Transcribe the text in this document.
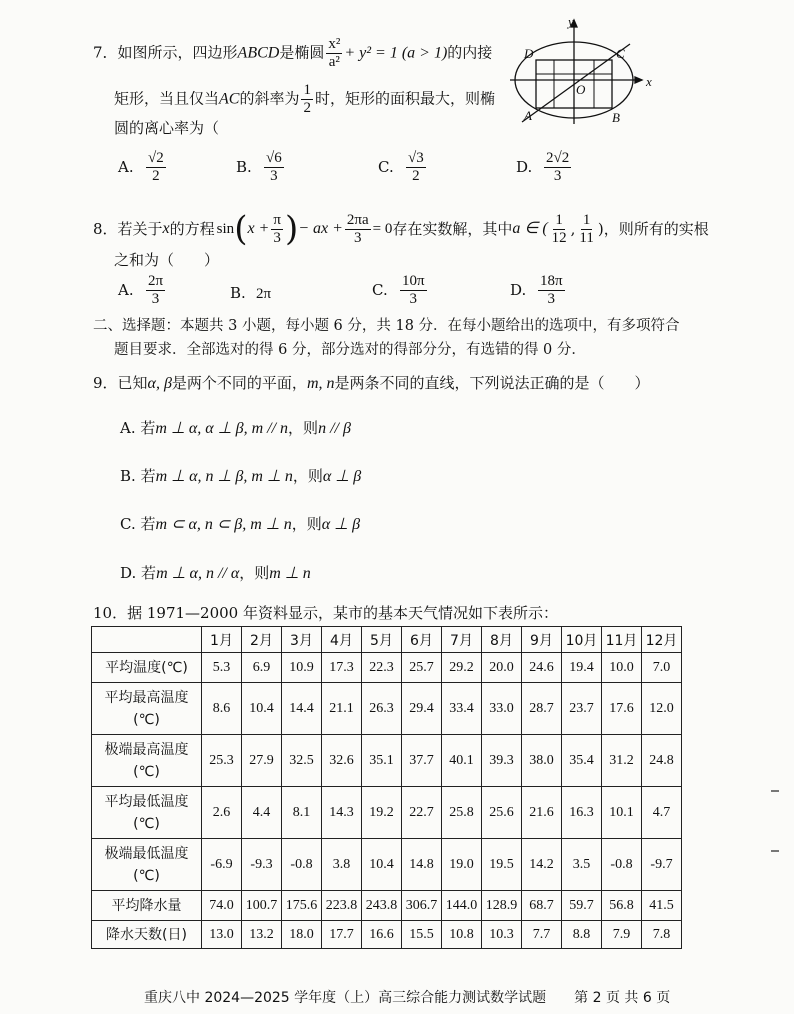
7．如图所示，四边形ABCD是椭圆 $\frac{\text{x²}}{\text{a²}} + y^2 = 1$ (a > 1)的内接
矩形，当且仅当AC的斜率为 $\frac{1}{2}$ 时，矩形的面积最大，则椭
圆的离心率为（
A. $\frac{√2}{2}$	B. $\frac{√6}{3}$	C. $\frac{√3}{2}$	D. $\frac{2√2}{3}$
y
x
D	C
O
A	B
8．若关于 x 的方程 sin ( $x + \frac{\pi}{3}$ ) − ax + $\frac{2\pi a}{3} = 0$ 存在实数解，其中 a ∈ ( $\frac{1}{12}$ , $\frac{1}{11}$ ) ，则所有的实根
之和为（　　）
A. $\frac{2\pi}{3}$	B. 2π	C. $\frac{10\pi}{3}$	D. $\frac{18\pi}{3}$
二、选择题：本题共 3 小题，每小题 6 分，共 18 分．在每小题给出的选项中，有多项符合
题目要求．全部选对的得 6 分，部分选对的得部分分，有选错的得 0 分．
9．已知α, β是两个不同的平面，m, n是两条不同的直线，下列说法正确的是（　　）
A. 若m ⊥ α, α ⊥ β, m // n，则n // β
B. 若m ⊥ α, n ⊥ β, m ⊥ n，则α ⊥ β
C. 若m ⊂ α, n ⊂ β, m ⊥ n，则α ⊥ β
D. 若m ⊥ α, n // α，则m ⊥ n
10．据 1971—2000 年资料显示，某市的基本天气情况如下表所示：
	1月	2月	3月	4月	5月	6月	7月	8月	9月	10月	11月	12月

平均温度(℃)	5.3	6.9	10.9	17.3	22.3	25.7	29.2	20.0	24.6	19.4	10.0	7.0

平均最高温度
(℃)	8.6	10.4	14.4	21.1	26.3	29.4	33.4	33.0	28.7	23.7	17.6	12.0

极端最高温度
(℃)	25.3	27.9	32.5	32.6	35.1	37.7	40.1	39.3	38.0	35.4	31.2	24.8

平均最低温度
(℃)	2.6	4.4	8.1	14.3	19.2	22.7	25.8	25.6	21.6	16.3	10.1	4.7

极端最低温度
(℃)	-6.9	-9.3	-0.8	3.8	10.4	14.8	19.0	19.5	14.2	3.5	-0.8	-9.7

平均降水量	74.0	100.7	175.6	223.8	243.8	306.7	144.0	128.9	68.7	59.7	56.8	41.5

降水天数(日)	13.0	13.2	18.0	17.7	16.6	15.5	10.8	10.3	7.7	8.8	7.9	7.8
重庆八中 2024—2025 学年度（上）高三综合能力测试数学试题　　第 2 页 共 6 页
